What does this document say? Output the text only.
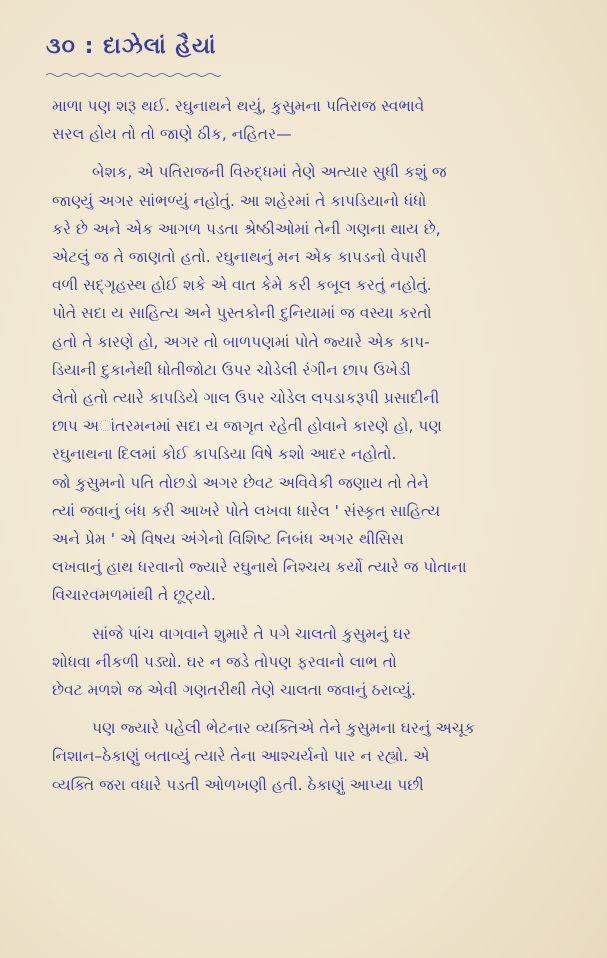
૩૦ : દાઝેલાં હૈયાં

માળા પણ શરૂ થઈ. રઘુનાથને થયું, કુસુમના પતિરાજ સ્વભાવે
સરલ હોય તો તો જાણે ઠીક, નહિતર—

બેશક, એ પતિરાજની વિરુદ્ધમાં તેણે અત્યાર સુધી કશું જ
જાણ્યું અગર સાંભળ્યું નહોતું. આ શહેરમાં તે કાપડિયાનો ધંધો
કરે છે અને એક આગળ પડતા શ્રેષ્ઠીઓમાં તેની ગણના થાય છે,
એટલું જ તે જાણતો હતો. રઘુનાથનું મન એક કાપડનો વેપારી
વળી સદ્‌ગૃહસ્થ હોઈ શકે એ વાત કેમે કરી કબૂલ કરતું નહોતું.
પોતે સદા ય સાહિત્ય અને પુસ્તકોની દુનિયામાં જ વસ્યા કરતો
હતો તે કારણે હો, અગર તો બાળપણમાં પોતે જ્યારે એક કાપ-
ડિયાની દુકાનેથી ધોતીજોટા ઉપર ચોડેલી રંગીન છાપ ઉખેડી
લેતો હતો ત્યારે કાપડિયે ગાલ ઉપર ચોડેલ લપડાકરૂપી પ્રસાદીની
છાપ અાંતરમનમાં સદા ય જાગૃત રહેતી હોવાને કારણે હો, પણ
રઘુનાથના દિલમાં કોઈ કાપડિયા વિષે કશો આદર નહોતો.
જો કુસુમનો પતિ તોછડો અગર છેવટ અવિવેકી જણાય તો તેને
ત્યાં જવાનું બંધ કરી આખરે પોતે લખવા ધારેલ ' સંસ્કૃત સાહિત્ય
અને પ્રેમ ' એ વિષય અંગેનો વિશિષ્ટ નિબંધ અગર થીસિસ
લખવાનું હાથ ધરવાનો જ્યારે રઘુનાથે નિશ્ચય કર્યો ત્યારે જ પોતાના
વિચારવમળમાંથી તે છૂટ્યો.

સાંજે પાંચ વાગવાને શુમારે તે પગે ચાલતો કુસુમનું ઘર
શોધવા નીકળી પડ્યો. ઘર ન જડે તોપણ ફરવાનો લાભ તો
છેવટ મળશે જ એવી ગણતરીથી તેણે ચાલતા જવાનું ઠરાવ્યું.

પણ જ્યારે પહેલી ભેટનાર વ્યક્તિએ તેને કુસુમના ઘરનું અચૂક
નિશાન–ઠેકાણું બતાવ્યું ત્યારે તેના આશ્ચર્યનો પાર ન રહ્યો. એ
વ્યક્તિ જરા વધારે પડતી ઓળખણી હતી. ઠેકાણું આપ્યા પછી
